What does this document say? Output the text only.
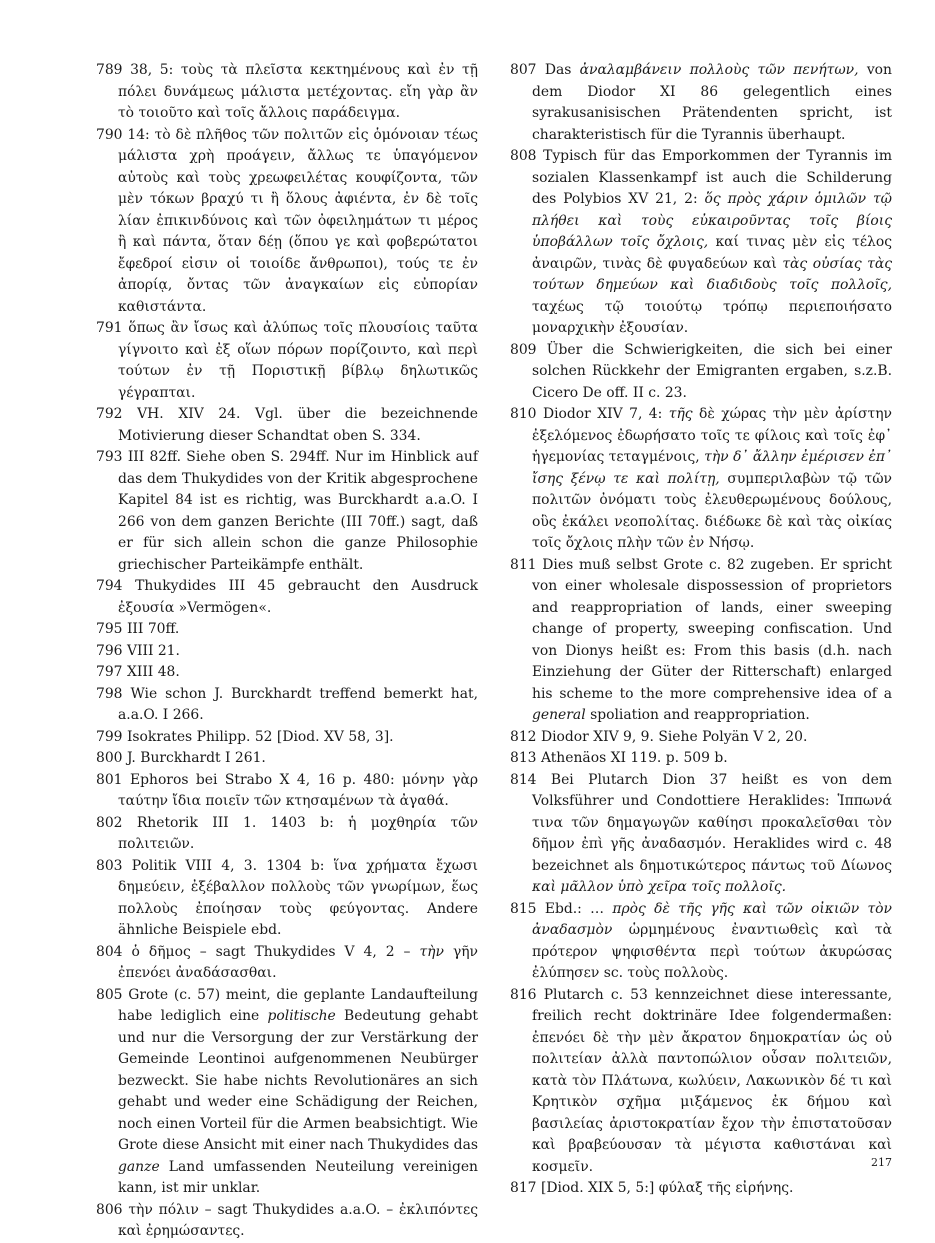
789 38, 5: τοὺς τὰ πλεῖστα κεκτημένους καὶ ἐν τῇ πόλει δυνάμεως μάλιστα μετέχοντας. εἴη γὰρ ἂν τὸ τοιοῦτο καὶ τοῖς ἄλλοις παράδειγμα.

790 14: τὸ δὲ πλῆθος τῶν πολιτῶν εἰς ὁμόνοιαν τέως μάλιστα χρὴ προάγειν, ἄλλως τε ὑπαγόμενον αὐτοὺς καὶ τοὺς χρεωφειλέτας κουφίζοντα, τῶν μὲν τόκων βραχύ τι ἢ ὅλους ἀφιέντα, ἐν δὲ τοῖς λίαν ἐπικινδύνοις καὶ τῶν ὀφειλημάτων τι μέρος ἢ καὶ πάντα, ὅταν δέῃ (ὅπου γε καὶ φοβερώτατοι ἔφεδροί εἰσιν οἱ τοιοίδε ἄνθρωποι), τούς τε ἐν ἀπορίᾳ, ὄντας τῶν ἀναγκαίων εἰς εὐπορίαν καθιστάντα.

791 ὅπως ἂν ἴσως καὶ ἀλύπως τοῖς πλουσίοις ταῦτα γίγνοιτο καὶ ἐξ οἵων πόρων πορίζοιντο, καὶ περὶ τούτων ἐν τῇ Ποριστικῇ βίβλῳ δηλωτικῶς γέγραπται.

792 VH. XIV 24. Vgl. über die bezeichnende Motivierung dieser Schandtat oben S. 334.

793 III 82ff. Siehe oben S. 294ff. Nur im Hinblick auf das dem Thukydides von der Kritik abgesprochene Kapitel 84 ist es richtig, was Burckhardt a.a.O. I 266 von dem ganzen Berichte (III 70ff.) sagt, daß er für sich allein schon die ganze Philosophie griechischer Parteikämpfe enthält.

794 Thukydides III 45 gebraucht den Ausdruck ἐξουσία »Vermögen«.

795 III 70ff.

796 VIII 21.

797 XIII 48.

798 Wie schon J. Burckhardt treffend bemerkt hat, a.a.O. I 266.

799 Isokrates Philipp. 52 [Diod. XV 58, 3].

800 J. Burckhardt I 261.

801 Ephoros bei Strabo X 4, 16 p. 480: μόνην γὰρ ταύτην ἴδια ποιεῖν τῶν κτησαμένων τὰ ἀγαθά.

802 Rhetorik III 1. 1403 b: ἡ μοχθηρία τῶν πολιτειῶν.

803 Politik VIII 4, 3. 1304 b: ἵνα χρήματα ἔχωσι δημεύειν, ἐξέβαλλον πολλοὺς τῶν γνωρίμων, ἕως πολλοὺς ἐποίησαν τοὺς φεύγοντας. Andere ähnliche Beispiele ebd.

804 ὁ δῆμος – sagt Thukydides V 4, 2 – τὴν γῆν ἐπενόει ἀναδάσασθαι.

805 Grote (c. 57) meint, die geplante Landaufteilung habe lediglich eine politische Bedeutung gehabt und nur die Versorgung der zur Verstärkung der Gemeinde Leontinoi aufgenommenen Neubürger bezweckt. Sie habe nichts Revolutionäres an sich gehabt und weder eine Schädigung der Reichen, noch einen Vorteil für die Armen beabsichtigt. Wie Grote diese Ansicht mit einer nach Thukydides das ganze Land umfassenden Neuteilung vereinigen kann, ist mir unklar.

806 τὴν πόλιν – sagt Thukydides a.a.O. – ἐκλιπόντες καὶ ἐρημώσαντες.

807 Das ἀναλαμβάνειν πολλοὺς τῶν πενήτων, von dem Diodor XI 86 gelegentlich eines syrakusanisischen Prätendenten spricht, ist charakteristisch für die Tyrannis überhaupt.

808 Typisch für das Emporkommen der Tyrannis im sozialen Klassenkampf ist auch die Schilderung des Polybios XV 21, 2: ὅς πρὸς χάριν ὁμιλῶν τῷ πλήθει καὶ τοὺς εὐκαιροῦντας τοῖς βίοις ὑποβάλλων τοῖς ὄχλοις, καί τινας μὲν εἰς τέλος ἀναιρῶν, τινὰς δὲ φυγαδεύων καὶ τὰς οὐσίας τὰς τούτων δημεύων καὶ διαδιδοὺς τοῖς πολλοῖς, ταχέως τῷ τοιούτῳ τρόπῳ περιεποιήσατο μοναρχικὴν ἐξουσίαν.

809 Über die Schwierigkeiten, die sich bei einer solchen Rückkehr der Emigranten ergaben, s.z.B. Cicero De off. II c. 23.

810 Diodor XIV 7, 4: τῆς δὲ χώρας τὴν μὲν ἀρίστην ἐξελόμενος ἐδωρήσατο τοῖς τε φίλοις καὶ τοῖς ἐφ᾽ ἡγεμονίας τεταγμένοις, τὴν δ᾽ ἄλλην ἐμέρισεν ἐπ᾽ ἴσης ξένῳ τε καὶ πολίτῃ, συμπεριλαβὼν τῷ τῶν πολιτῶν ὀνόματι τοὺς ἐλευθερωμένους δούλους, οὓς ἐκάλει νεοπολίτας. διέδωκε δὲ καὶ τὰς οἰκίας τοῖς ὄχλοις πλὴν τῶν ἐν Νήσῳ.

811 Dies muß selbst Grote c. 82 zugeben. Er spricht von einer wholesale dispossession of proprietors and reappropriation of lands, einer sweeping change of property, sweeping confiscation. Und von Dionys heißt es: From this basis (d.h. nach Einziehung der Güter der Ritterschaft) enlarged his scheme to the more comprehensive idea of a general spoliation and reappropriation.

812 Diodor XIV 9, 9. Siehe Polyän V 2, 20.

813 Athenäos XI 119. p. 509 b.

814 Bei Plutarch Dion 37 heißt es von dem Volksführer und Condottiere Heraklides: Ἱππωνά τινα τῶν δημαγωγῶν καθίησι προκαλεῖσθαι τὸν δῆμον ἐπὶ γῆς ἀναδασμόν. Heraklides wird c. 48 bezeichnet als δημοτικώτερος πάντως τοῦ Δίωνος καὶ μᾶλλον ὑπὸ χεῖρα τοῖς πολλοῖς.

815 Ebd.: … πρὸς δὲ τῆς γῆς καὶ τῶν οἰκιῶν τὸν ἀναδασμὸν ὡρμημένους ἐναντιωθεὶς καὶ τὰ πρότερον ψηφισθέντα περὶ τούτων ἀκυρώσας ἐλύπησεν sc. τοὺς πολλοὺς.

816 Plutarch c. 53 kennzeichnet diese interessante, freilich recht doktrinäre Idee folgendermaßen: ἐπενόει δὲ τὴν μὲν ἄκρατον δημοκρατίαν ὡς οὐ πολιτείαν ἀλλὰ παντοπώλιον οὖσαν πολιτειῶν, κατὰ τὸν Πλάτωνα, κωλύειν, Λακωνικὸν δέ τι καὶ Κρητικὸν σχῆμα μιξάμενος ἐκ δήμου καὶ βασιλείας ἀριστοκρατίαν ἔχον τὴν ἐπιστατοῦσαν καὶ βραβεύουσαν τὰ μέγιστα καθιστάναι καὶ κοσμεῖν.

817 [Diod. XIX 5, 5:] φύλαξ τῆς εἰρήνης.

217
